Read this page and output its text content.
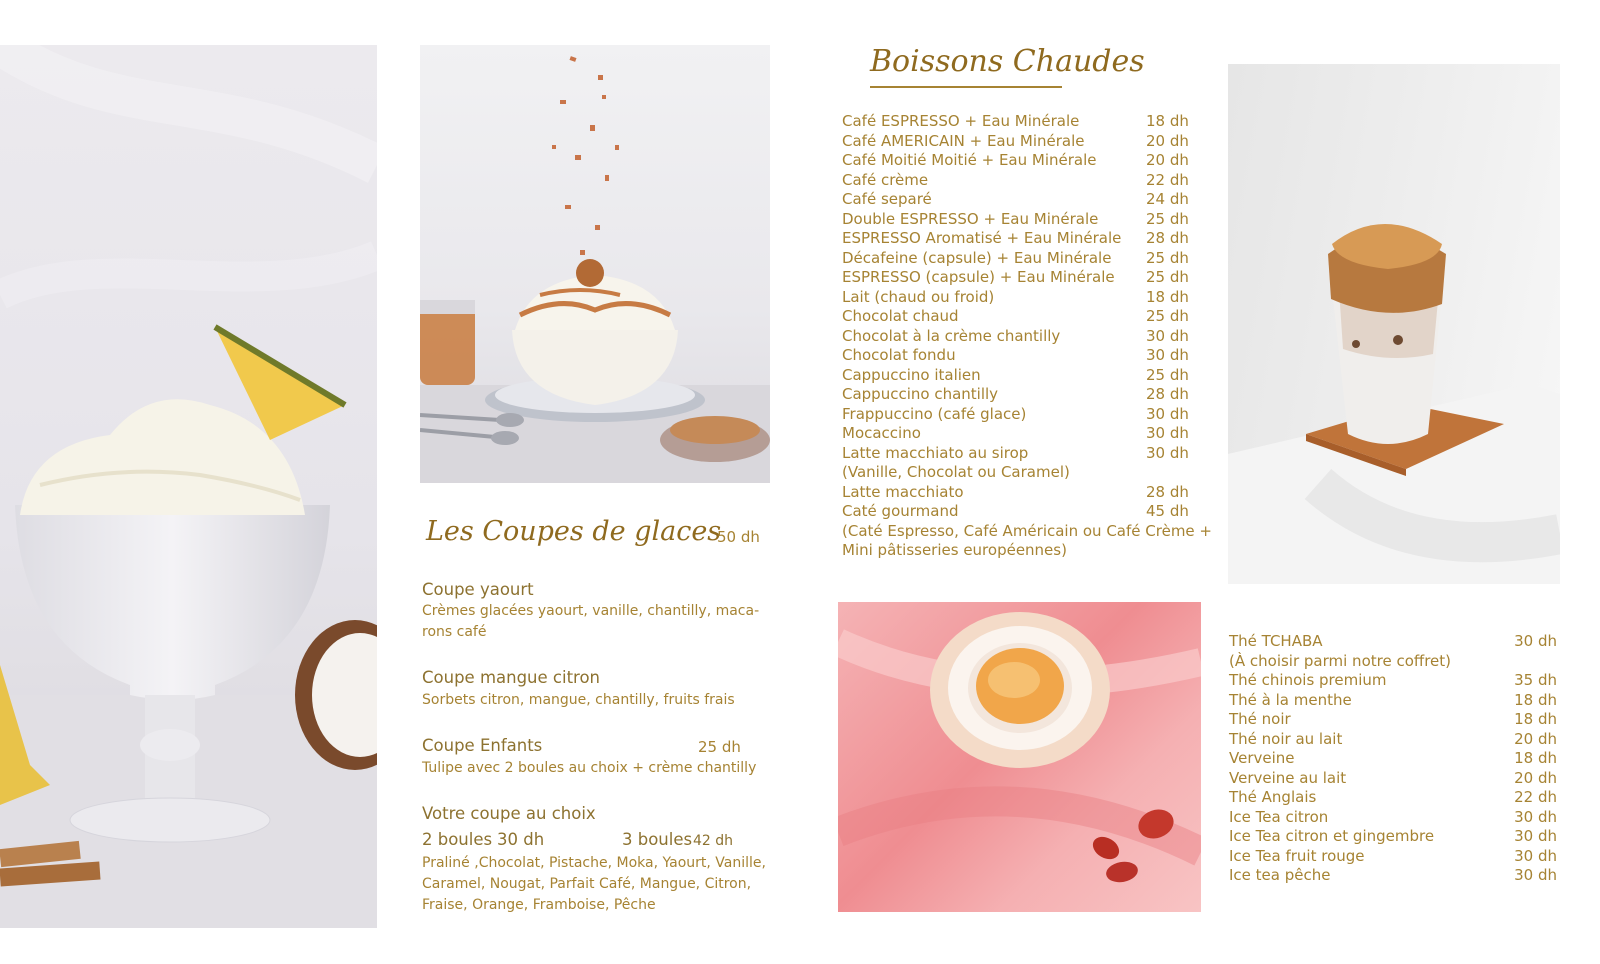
Boissons Chaudes
Café ESPRESSO + Eau Minérale	18 dh
Café AMERICAIN + Eau Minérale	20 dh
Café Moitié Moitié + Eau Minérale	20 dh
Café crème	22 dh
Café separé	24 dh
Double ESPRESSO + Eau Minérale	25 dh
ESPRESSO Aromatisé + Eau Minérale 28 dh
Décafeine (capsule) + Eau Minérale 25 dh
ESPRESSO (capsule) + Eau Minérale 25 dh
Lait (chaud ou froid)	18 dh
Chocolat chaud	25 dh
Chocolat à la crème chantilly	30 dh
Chocolat fondu	30 dh
Cappuccino italien	25 dh
Cappuccino chantilly	28 dh
Frappuccino (café glace)	30 dh
Mocaccino	30 dh
Latte macchiato au sirop	30 dh
(Vanille, Chocolat ou Caramel)
Latte macchiato	28 dh
Caté gourmand	45 dh
(Caté Espresso, Café Américain ou Café Crème +
Mini pâtisseries européennes)
Thé TCHABA	30 dh
(À choisir parmi notre coffret)
Thé chinois premium	35 dh
Thé à la menthe	18 dh
Thé noir	18 dh
Thé noir au lait	20 dh
Verveine	18 dh
Verveine au lait	20 dh
Thé Anglais	22 dh
Ice Tea citron	30 dh
Ice Tea citron et gingembre	30 dh
Ice Tea fruit rouge	30 dh
Ice tea pêche	30 dh
Les Coupes de glaces
50 dh
Coupe yaourt
Crèmes glacées yaourt, vanille, chantilly, maca-
rons café
Coupe mangue citron
Sorbets citron, mangue, chantilly, fruits frais
Coupe Enfants	25 dh
Tulipe avec 2 boules au choix + crème chantilly
Votre coupe au choix
2 boules 30 dh	3 boules 42 dh
Praliné ,Chocolat, Pistache, Moka, Yaourt, Vanille,
Caramel, Nougat, Parfait Café, Mangue, Citron,
Fraise, Orange, Framboise, Pêche
